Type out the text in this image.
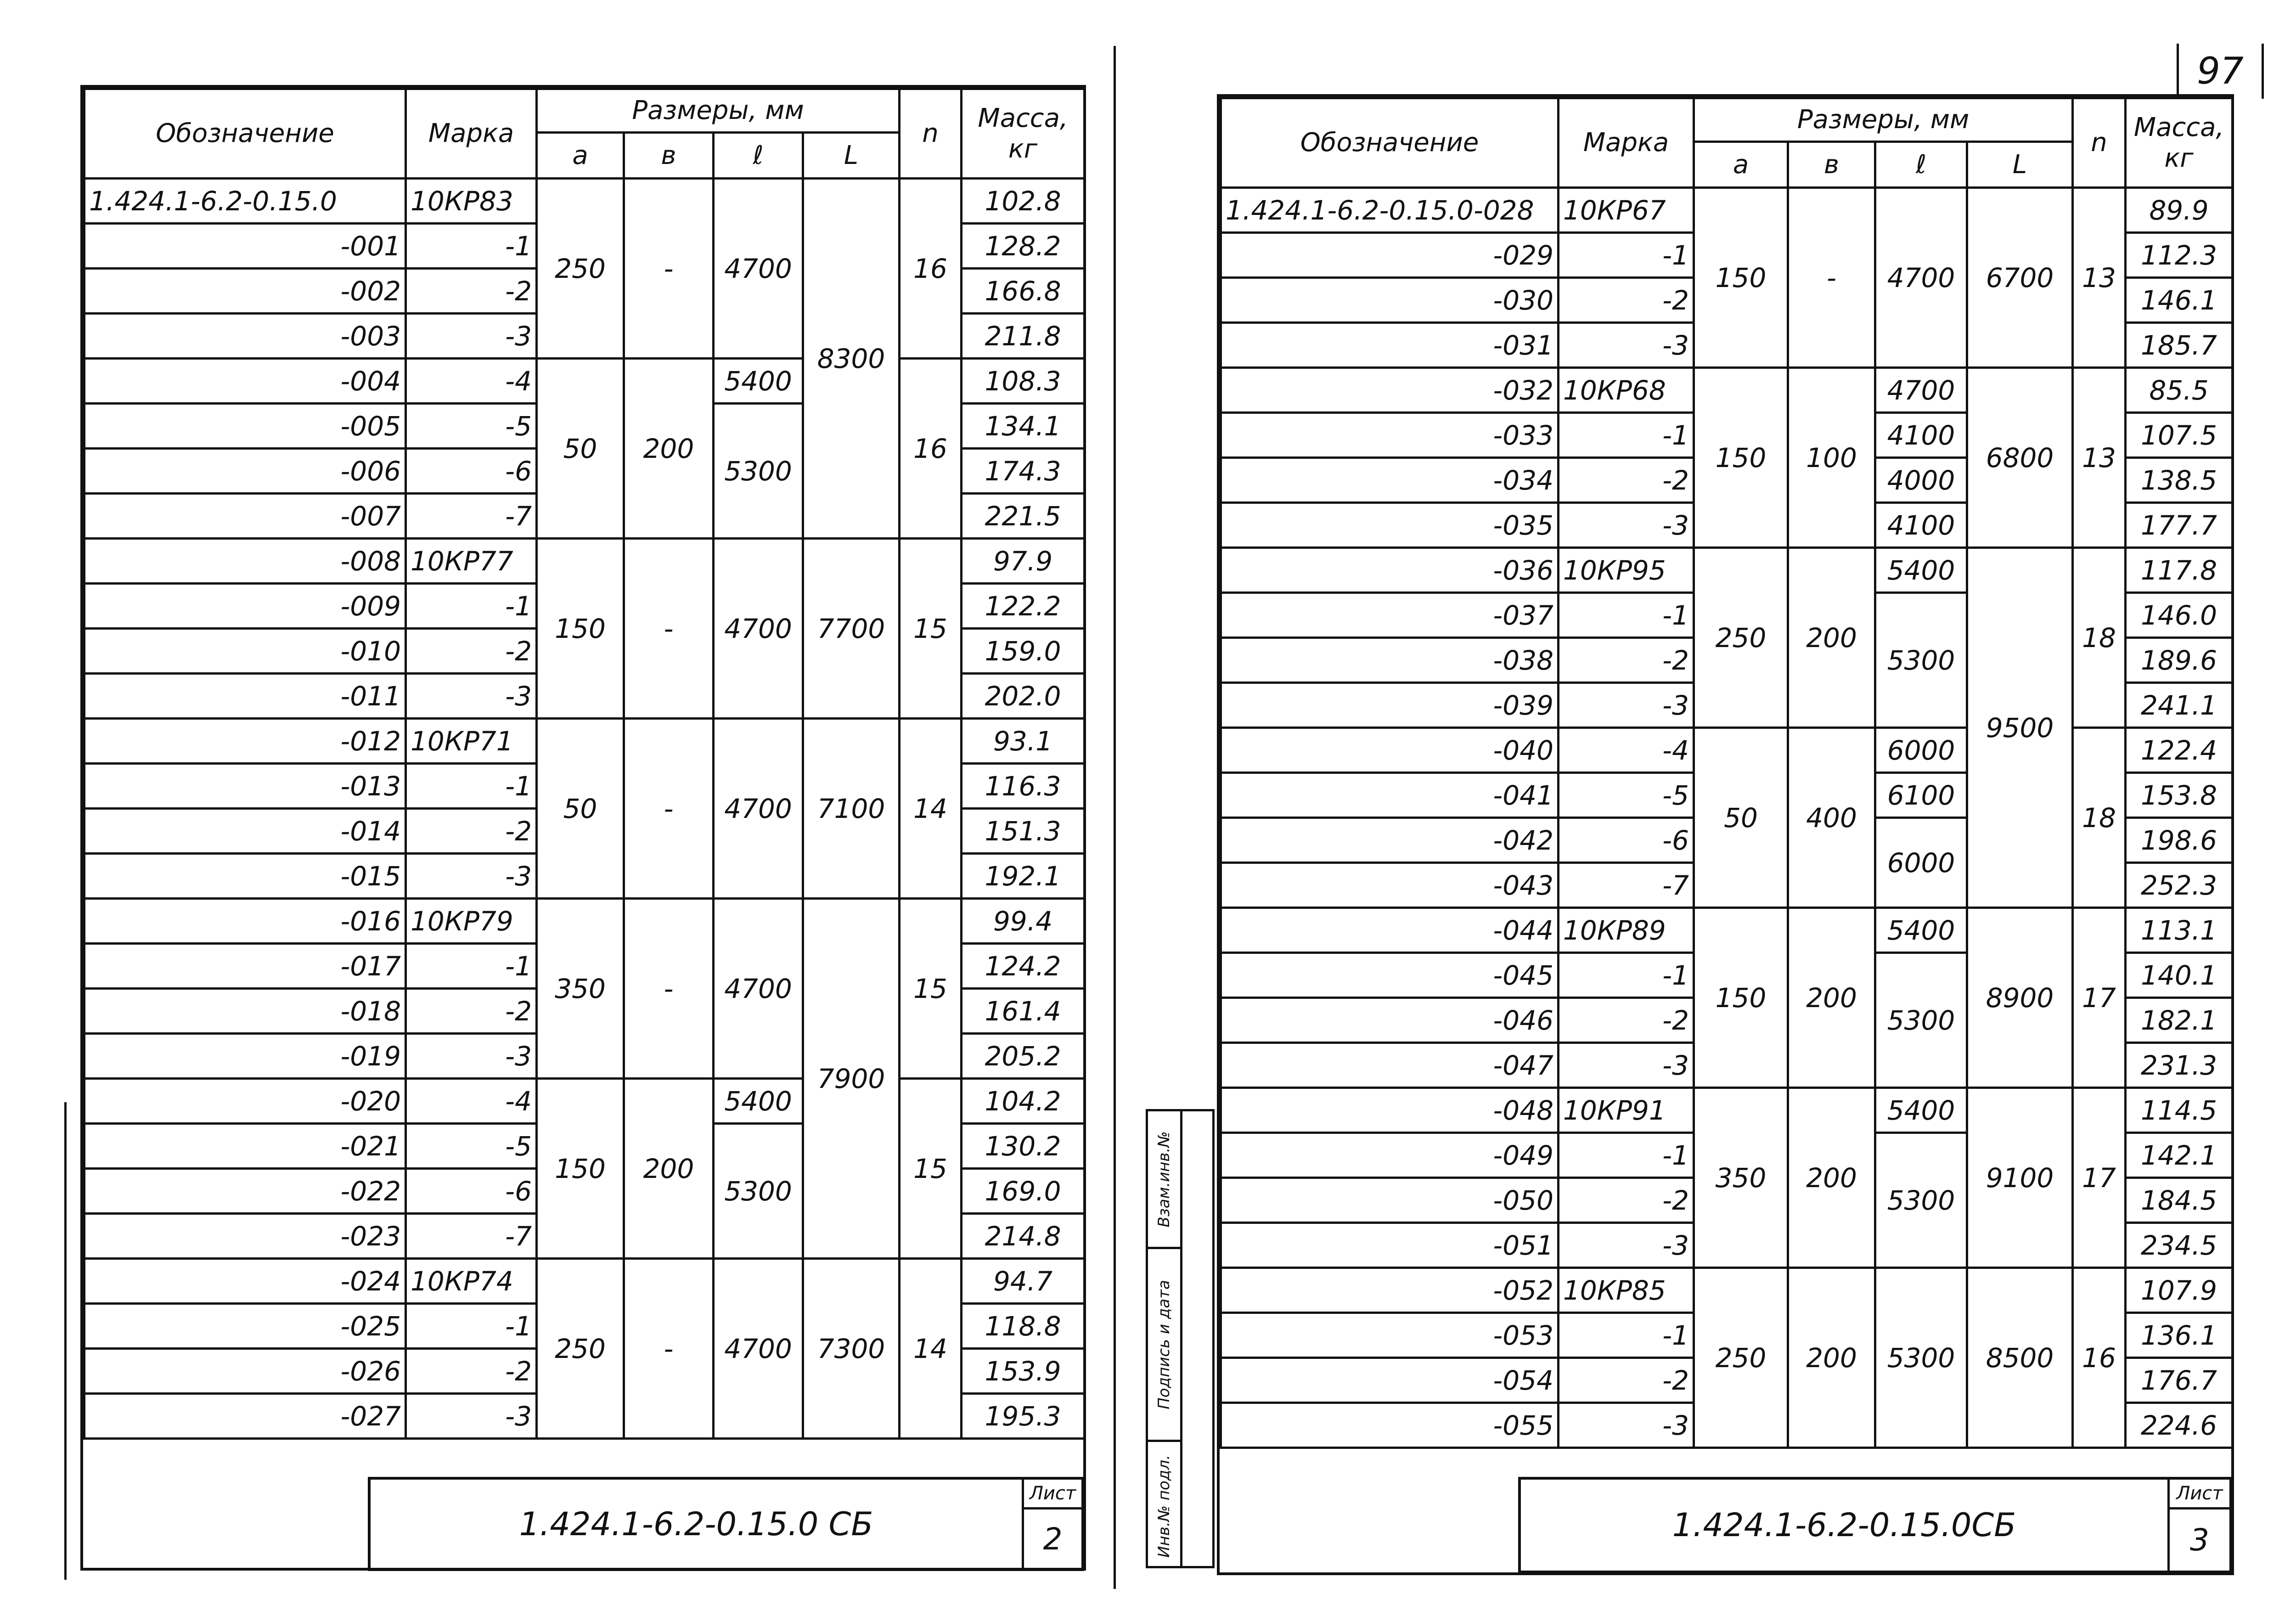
97
Обозначение	Марка	Размеры, мм				n	Масса, кг
		a	в	ℓ	L		
1.424.1-6.2-0.15.0	10КР83	250	-	4700	8300	16	102.8
-001	-1						128.2
-002	-2						166.8
-003	-3						211.8
-004	-4	50	200	5400		16	108.3
-005	-5			5300			134.1
-006	-6						174.3
-007	-7						221.5
-008	10КР77	150	-	4700	7700	15	97.9
-009	-1						122.2
-010	-2						159.0
-011	-3						202.0
-012	10КР71	50	-	4700	7100	14	93.1
-013	-1						116.3
-014	-2						151.3
-015	-3						192.1
-016	10КР79	350	-	4700	7900	15	99.4
-017	-1						124.2
-018	-2						161.4
-019	-3						205.2
-020	-4	150	200	5400		15	104.2
-021	-5			5300			130.2
-022	-6						169.0
-023	-7						214.8
-024	10КР74	250	-	4700	7300	14	94.7
-025	-1						118.8
-026	-2						153.9
-027	-3						195.3
1.424.1-6.2-0.15.0 СБ
Лист
2
Взам.инв.№
Подпись и дата
Инв.№ подл.
Обозначение	Марка	Размеры, мм				n	Масса, кг
		a	в	ℓ	L		
1.424.1-6.2-0.15.0-028	10КР67	150	-	4700	6700	13	89.9
-029	-1						112.3
-030	-2						146.1
-031	-3						185.7
-032	10КР68	150	100	4700	6800	13	85.5
-033	-1			4100			107.5
-034	-2			4000			138.5
-035	-3			4100			177.7
-036	10КР95	250	200	5400	9500	18	117.8
-037	-1			5300			146.0
-038	-2						189.6
-039	-3						241.1
-040	-4	50	400	6000		18	122.4
-041	-5			6100			153.8
-042	-6			6000			198.6
-043	-7						252.3
-044	10КР89	150	200	5400	8900	17	113.1
-045	-1			5300			140.1
-046	-2						182.1
-047	-3						231.3
-048	10КР91	350	200	5400	9100	17	114.5
-049	-1			5300			142.1
-050	-2						184.5
-051	-3						234.5
-052	10КР85	250	200	5300	8500	16	107.9
-053	-1						136.1
-054	-2						176.7
-055	-3						224.6
1.424.1-6.2-0.15.0СБ
Лист
3
